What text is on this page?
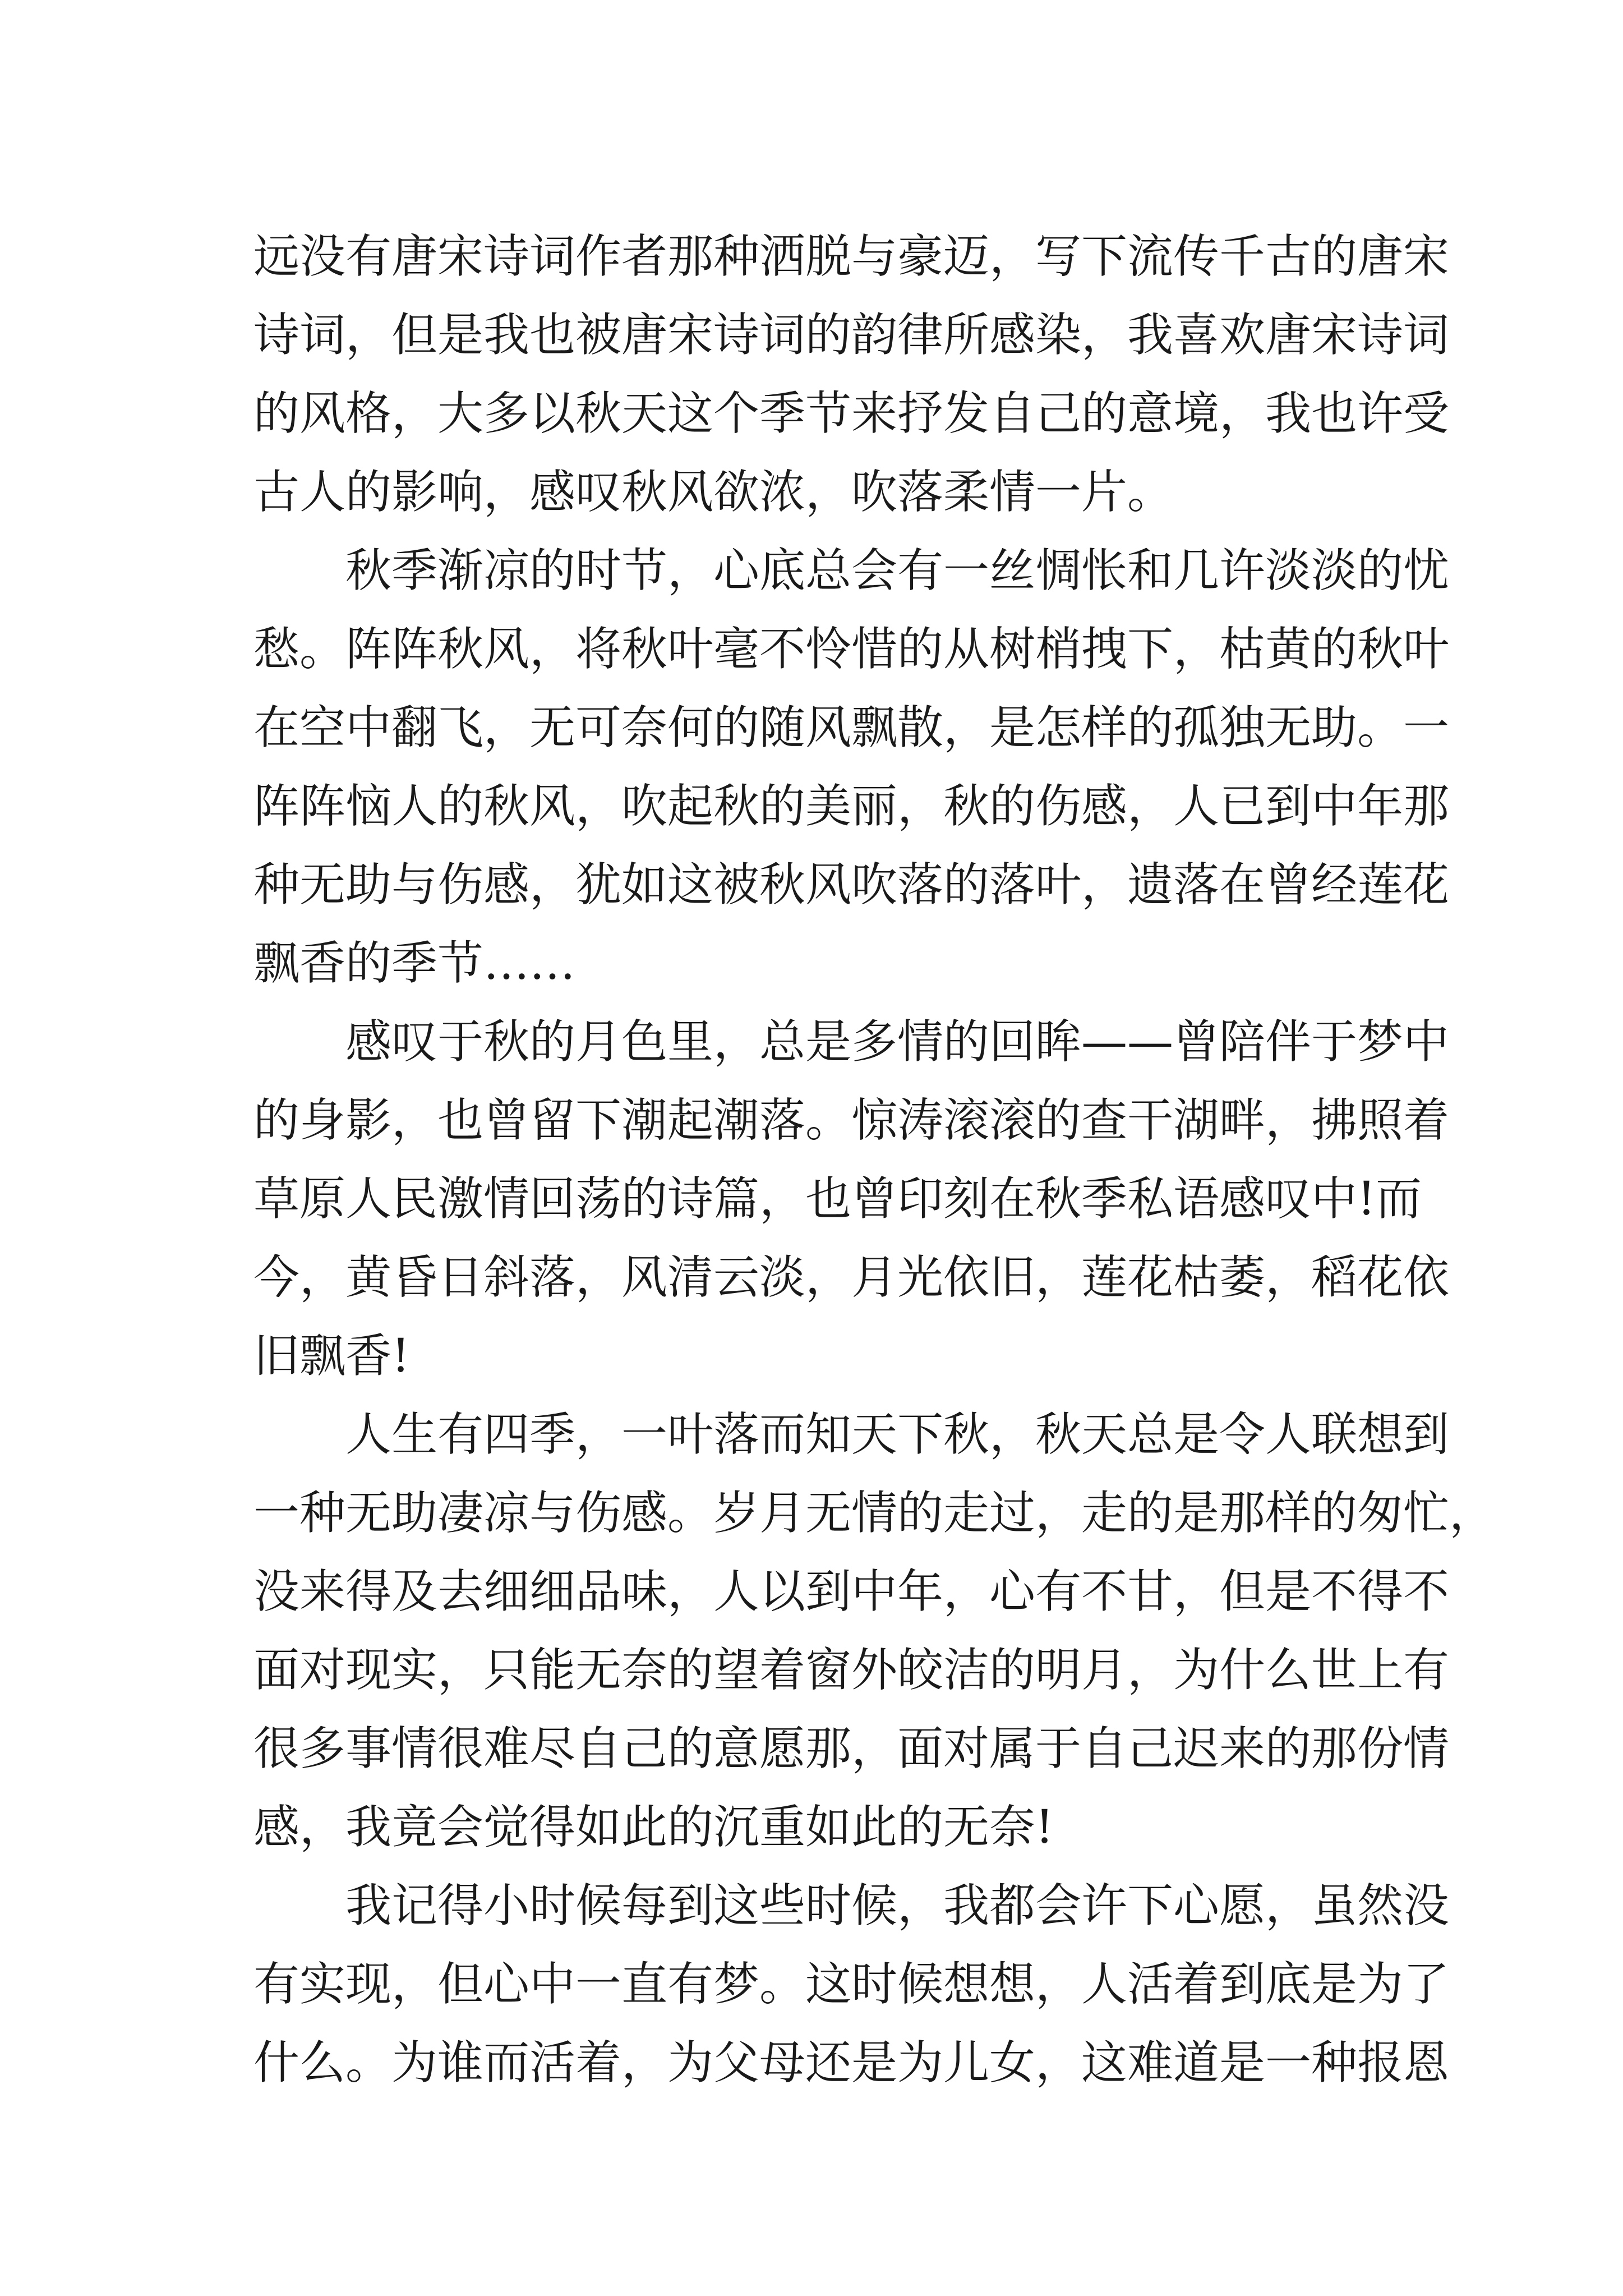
远没有唐宋诗词作者那种洒脱与豪迈，写下流传千古的唐宋
诗词，但是我也被唐宋诗词的韵律所感染，我喜欢唐宋诗词
的风格，大多以秋天这个季节来抒发自己的意境，我也许受
古人的影响，感叹秋风欲浓，吹落柔情一片。
秋季渐凉的时节，心底总会有一丝惆怅和几许淡淡的忧
愁。阵阵秋风，将秋叶毫不怜惜的从树梢拽下，枯黄的秋叶
在空中翻飞，无可奈何的随风飘散，是怎样的孤独无助。一
阵阵恼人的秋风，吹起秋的美丽，秋的伤感，人已到中年那
种无助与伤感，犹如这被秋风吹落的落叶，遗落在曾经莲花
飘香的季节……
感叹于秋的月色里，总是多情的回眸——曾陪伴于梦中
的身影，也曾留下潮起潮落。惊涛滚滚的查干湖畔，拂照着
草原人民激情回荡的诗篇，也曾印刻在秋季私语感叹中!而
今，黄昏日斜落，风清云淡，月光依旧，莲花枯萎，稻花依
旧飘香!
人生有四季，一叶落而知天下秋，秋天总是令人联想到
一种无助凄凉与伤感。岁月无情的走过，走的是那样的匆忙，
没来得及去细细品味，人以到中年，心有不甘，但是不得不
面对现实，只能无奈的望着窗外皎洁的明月，为什么世上有
很多事情很难尽自己的意愿那，面对属于自己迟来的那份情
感，我竟会觉得如此的沉重如此的无奈!
我记得小时候每到这些时候，我都会许下心愿，虽然没
有实现，但心中一直有梦。这时候想想，人活着到底是为了
什么。为谁而活着，为父母还是为儿女，这难道是一种报恩
